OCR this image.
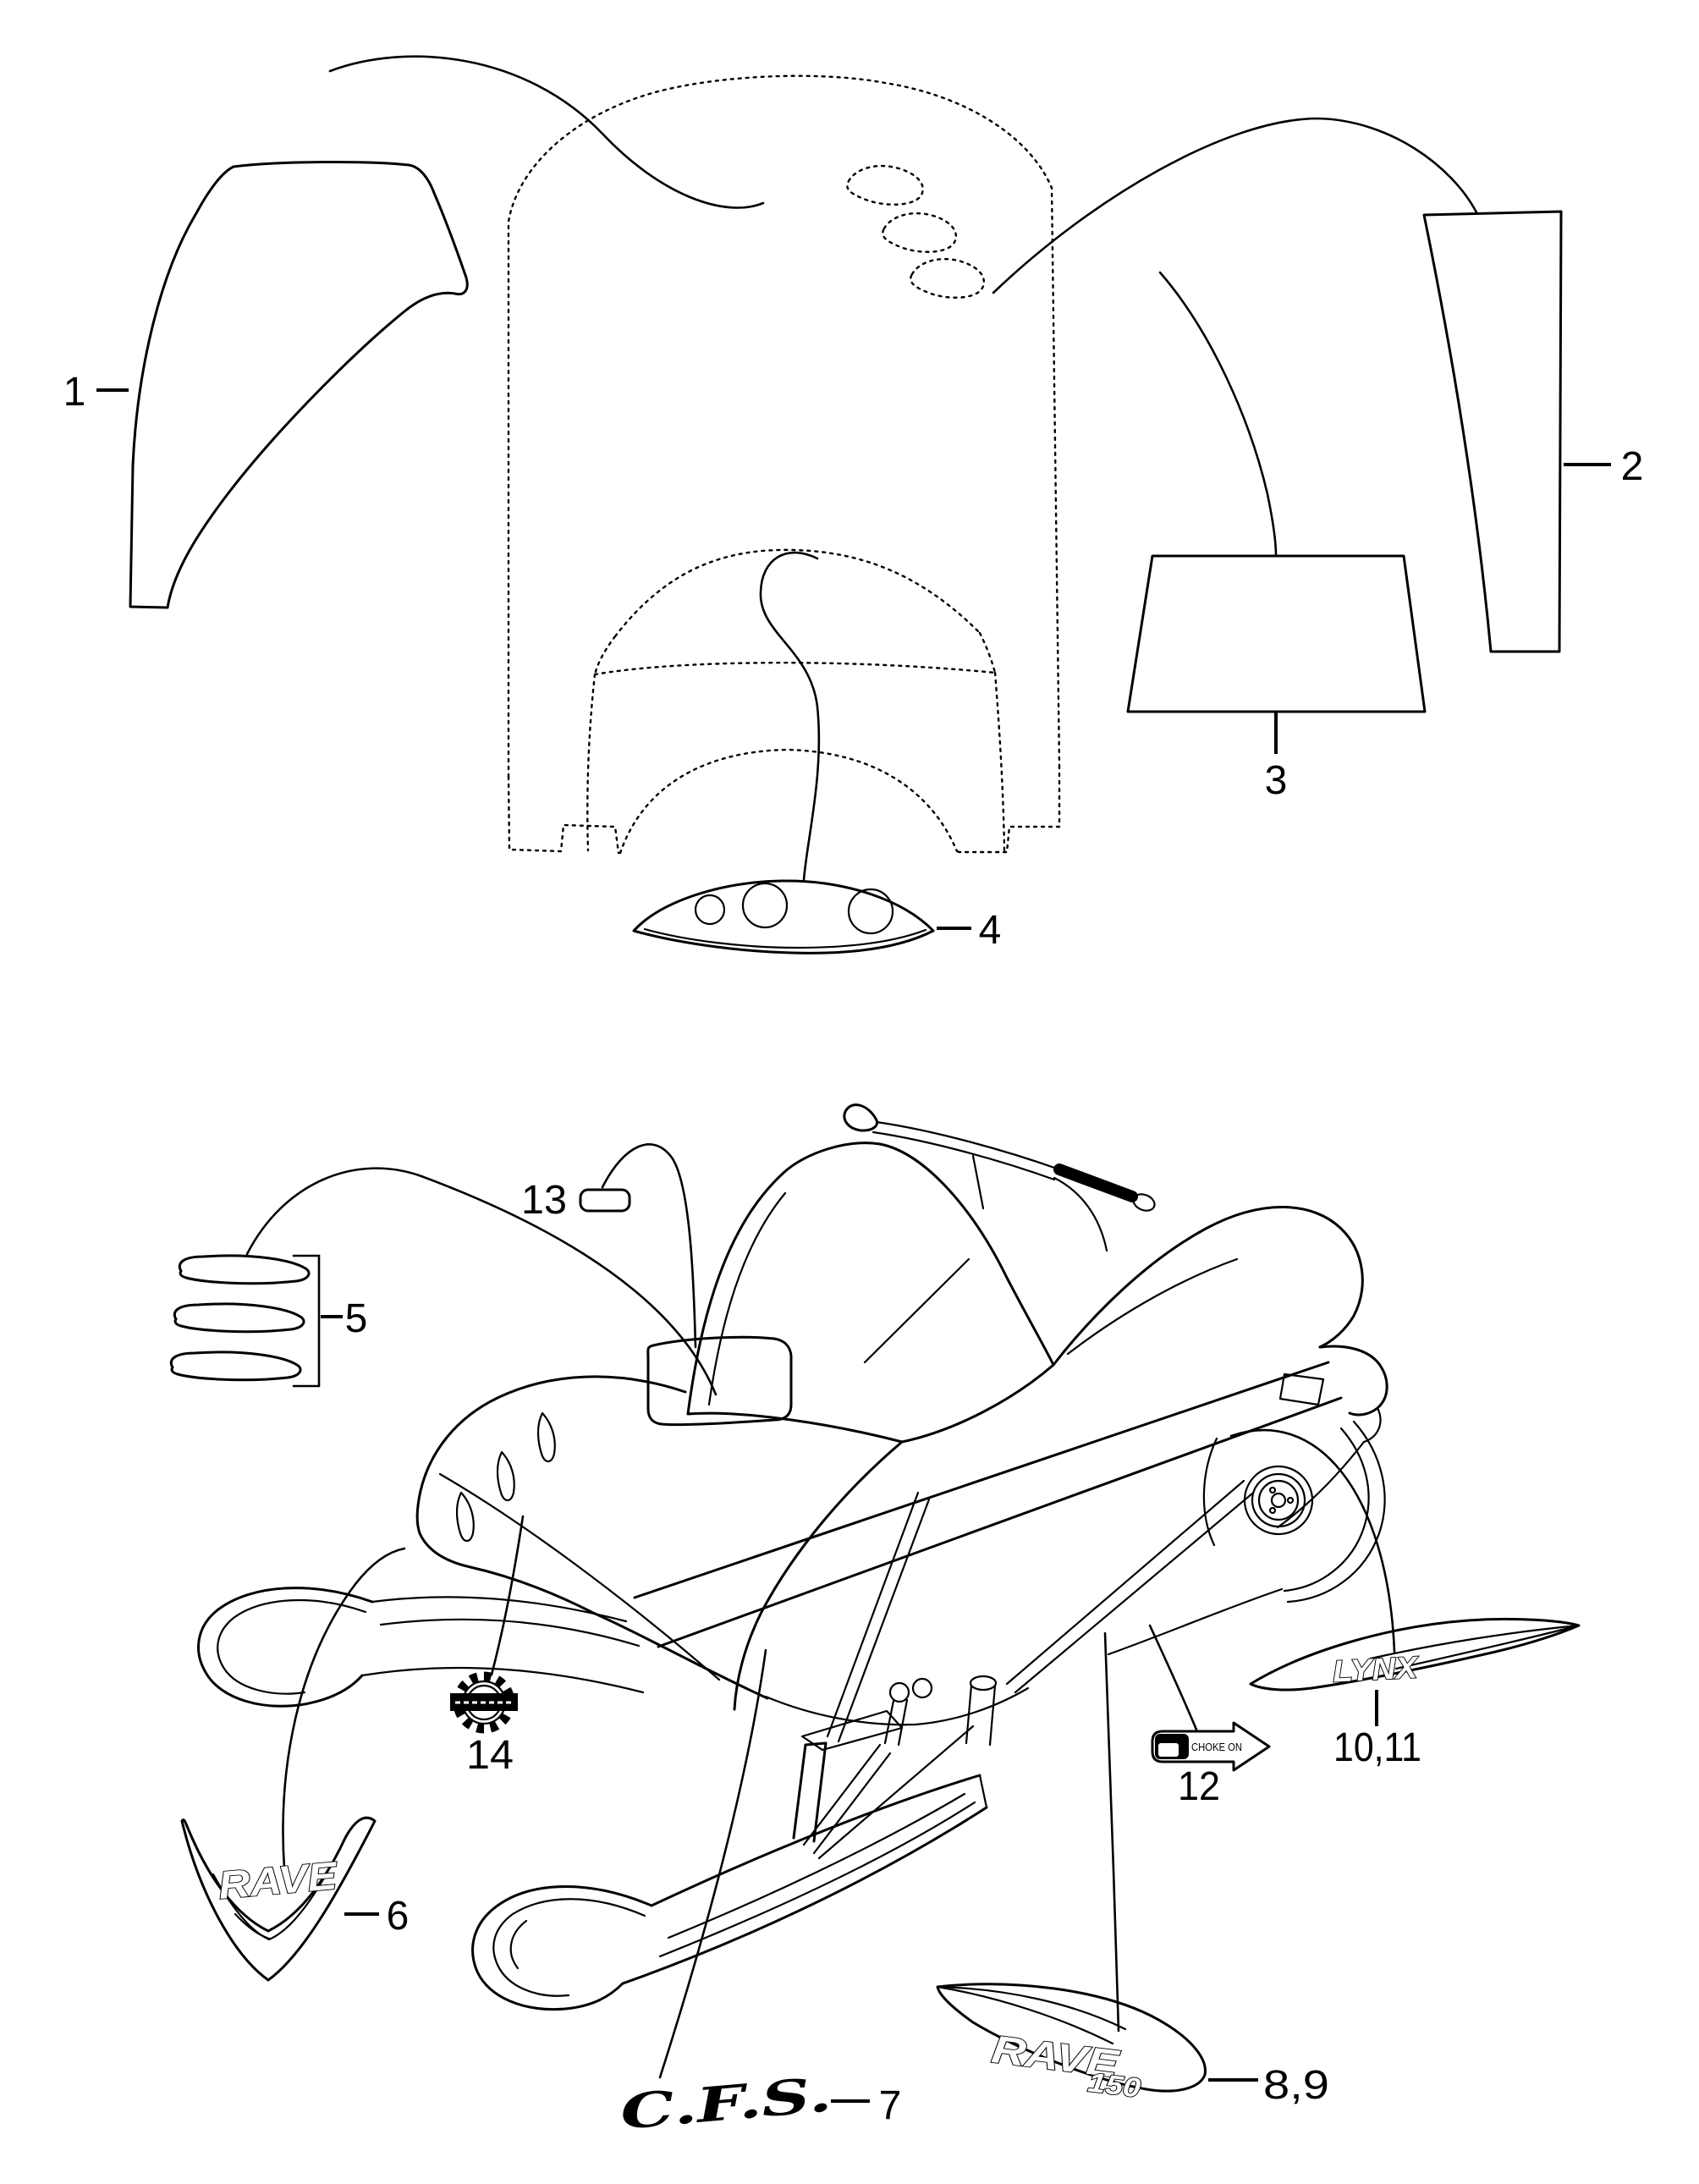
RAVE
C.F.S.
RAVE
150
LYNX
CHOKE ON
1
2
3
4
5
6
7	8,9
10,11
12
13
14
